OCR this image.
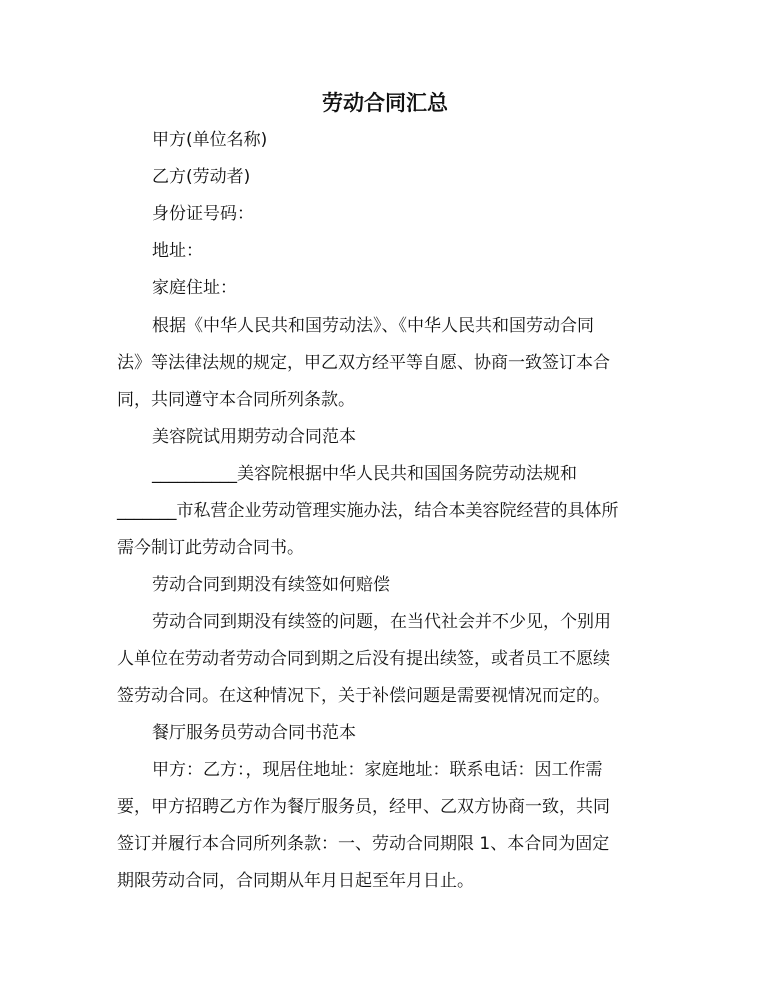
劳动合同汇总
甲方(单位名称)
乙方(劳动者)
身份证号码：
地址：
家庭住址：
根据《中华人民共和国劳动法》、《中华人民共和国劳动合同
法》等法律法规的规定，甲乙双方经平等自愿、协商一致签订本合
同，共同遵守本合同所列条款。
美容院试用期劳动合同范本
__________美容院根据中华人民共和国国务院劳动法规和
_______市私营企业劳动管理实施办法，结合本美容院经营的具体所
需今制订此劳动合同书。
劳动合同到期没有续签如何赔偿
劳动合同到期没有续签的问题，在当代社会并不少见，个别用
人单位在劳动者劳动合同到期之后没有提出续签，或者员工不愿续
签劳动合同。在这种情况下，关于补偿问题是需要视情况而定的。
餐厅服务员劳动合同书范本
甲方：乙方：，现居住地址：家庭地址：联系电话：因工作需
要，甲方招聘乙方作为餐厅服务员，经甲、乙双方协商一致，共同
签订并履行本合同所列条款：一、劳动合同期限 1、本合同为固定
期限劳动合同，合同期从年月日起至年月日止。
